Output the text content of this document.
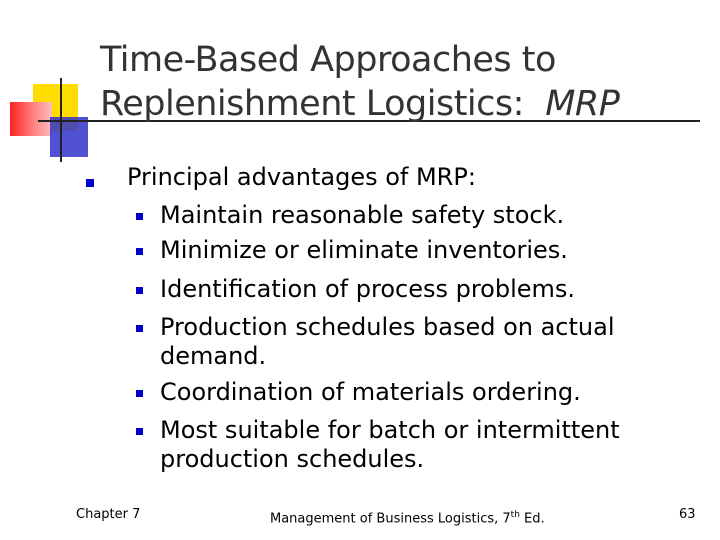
Time-Based Approaches to
Replenishment Logistics: MRP
Principal advantages of MRP:
Maintain reasonable safety stock.
Minimize or eliminate inventories.
Identification of process problems.
Production schedules based on actual
demand.
Coordination of materials ordering.
Most suitable for batch or intermittent
production schedules.
Chapter 7	Management of Business Logistics, 7th Ed.	63
